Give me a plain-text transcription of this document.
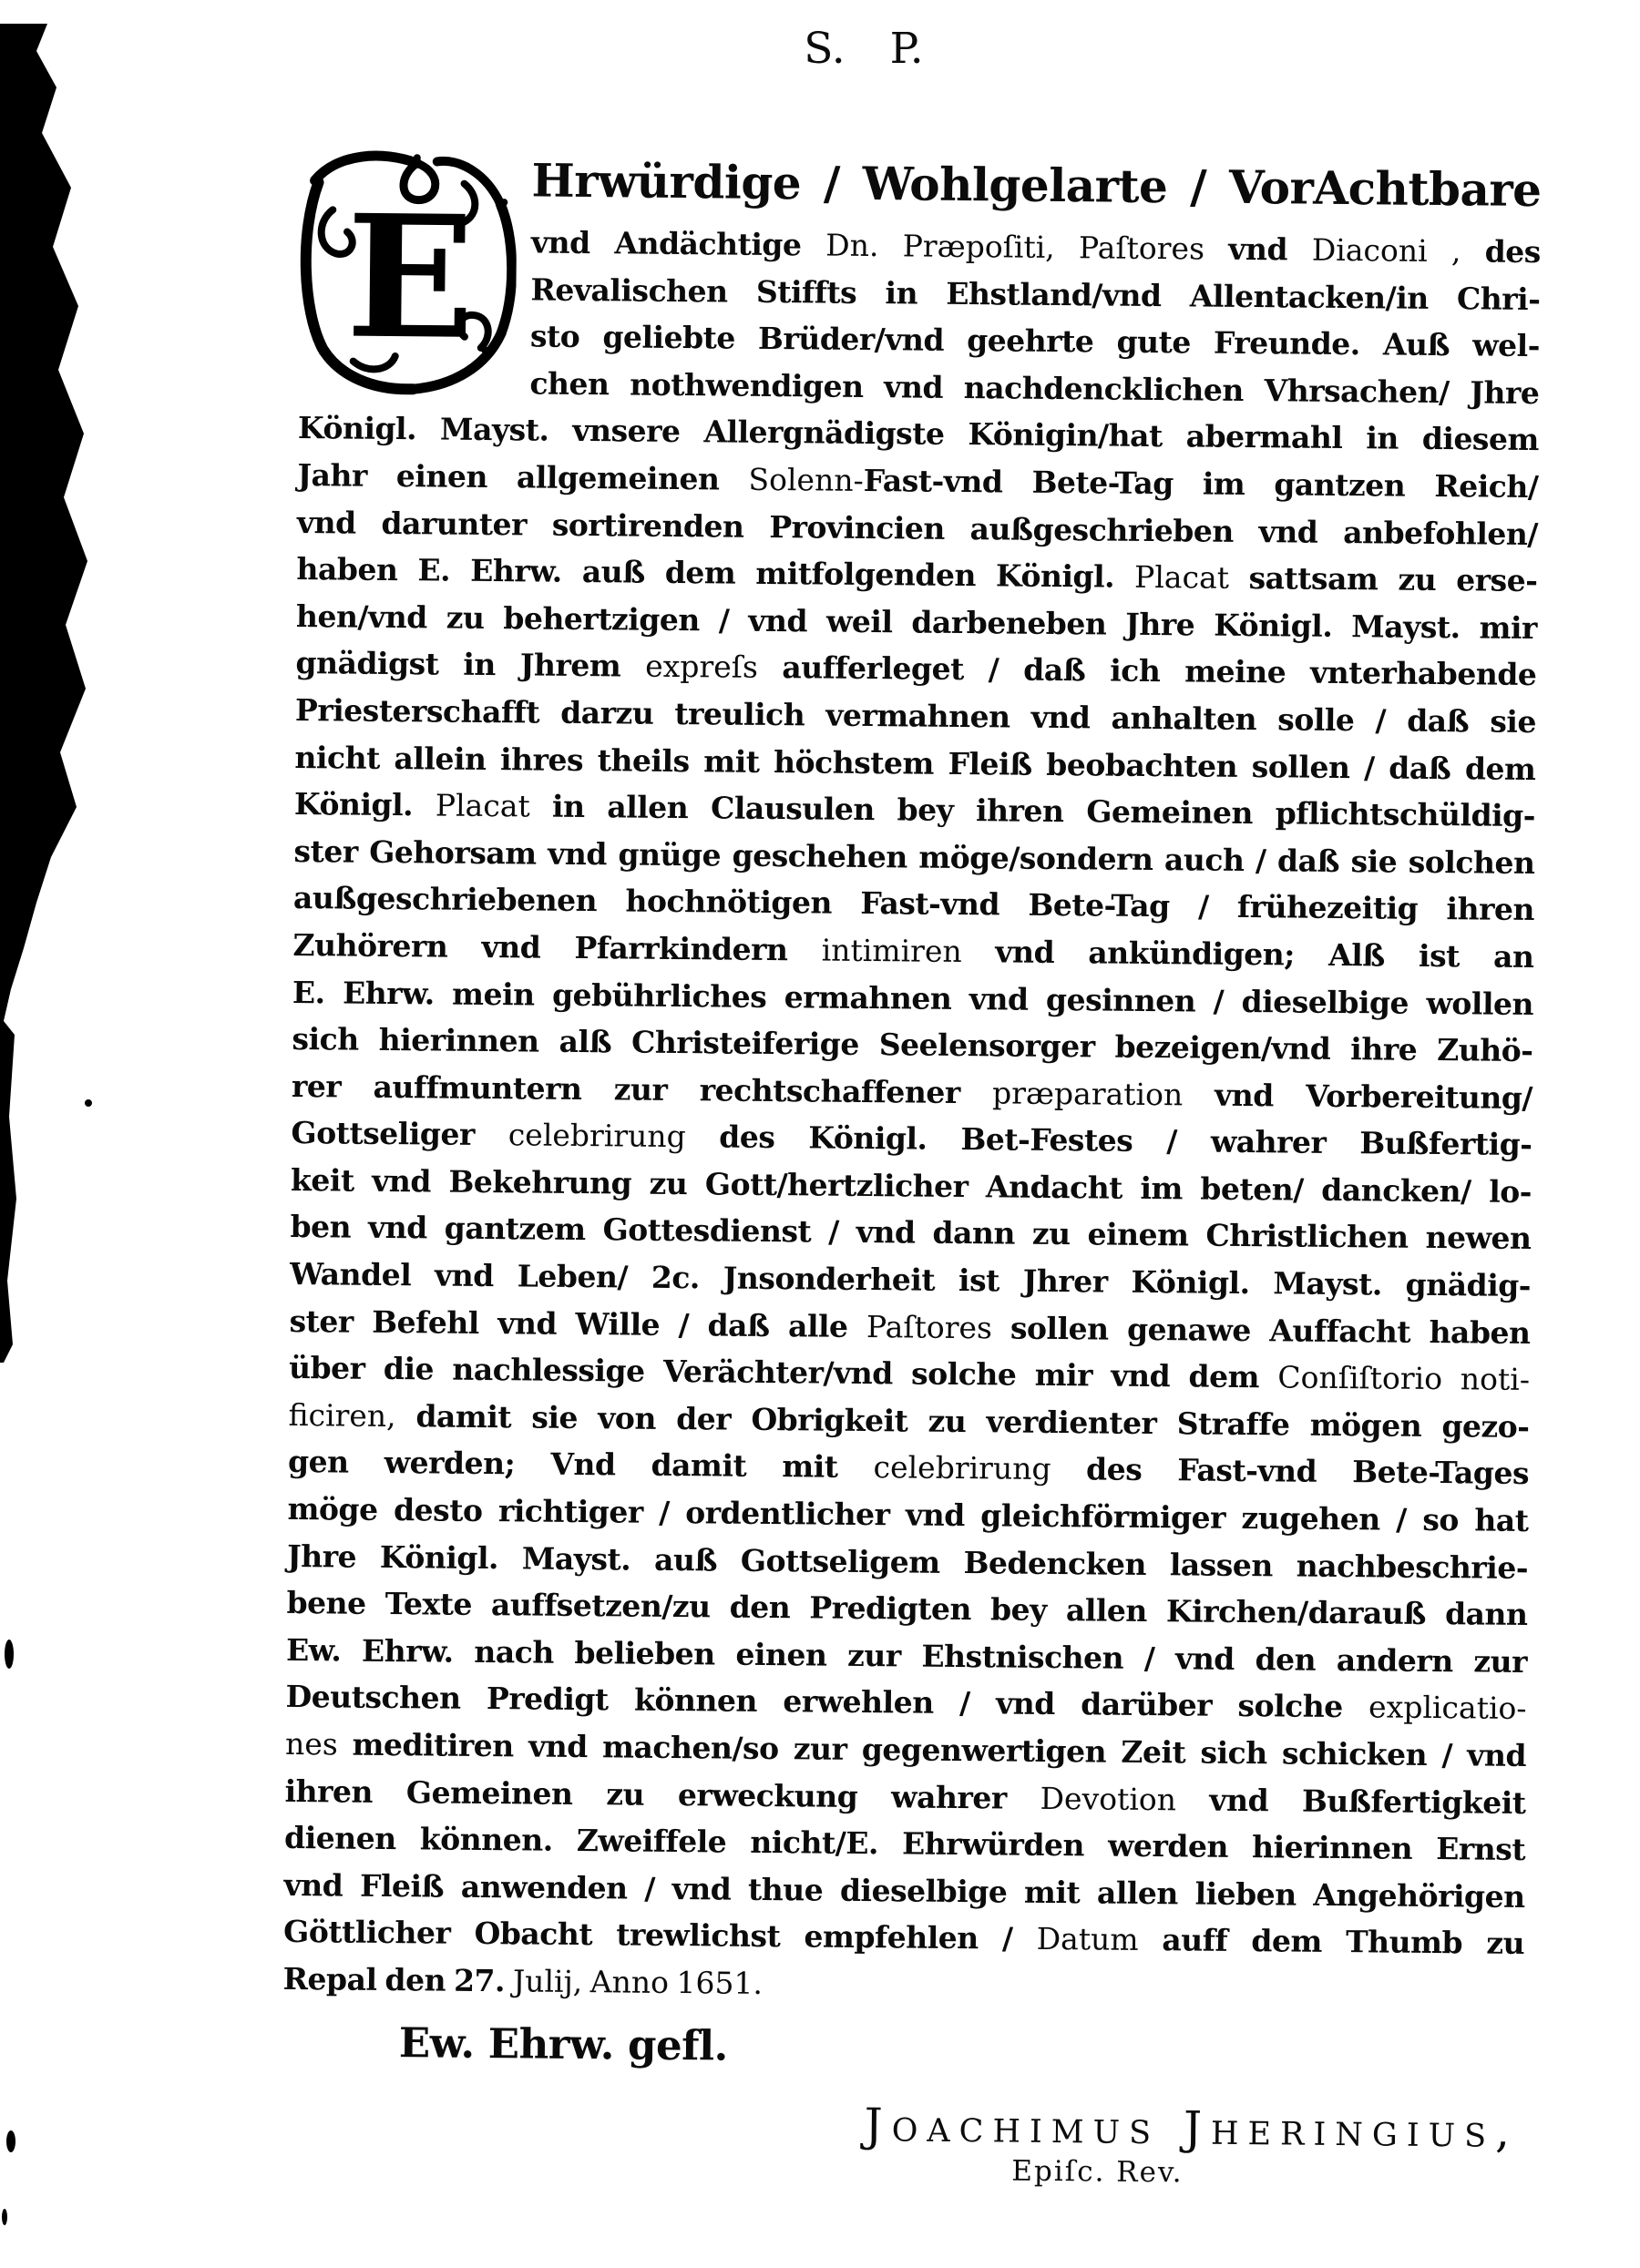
S. P.
E	Hrwürdige / Wohlgelarte / VorAchtbare
vnd Andächtige Dn. Præpoſiti, Paſtores vnd Diaconi , des
Revalischen Stiffts in Ehstland/vnd Allentacken/in Chri-
sto geliebte Brüder/vnd geehrte gute Freunde. Auß wel-
chen nothwendigen vnd nachdencklichen Vhrsachen/ Jhre
Königl. Mayst. vnsere Allergnädigste Königin/hat abermahl in diesem
Jahr einen allgemeinen Solenn-Fast-vnd Bete-Tag im gantzen Reich/
vnd darunter sortirenden Provincien außgeschrieben vnd anbefohlen/
haben E. Ehrw. auß dem mitfolgenden Königl. Placat sattsam zu erse-
hen/vnd zu behertzigen / vnd weil darbeneben Jhre Königl. Mayst. mir
gnädigst in Jhrem expreſs aufferleget / daß ich meine vnterhabende
Priesterschafft darzu treulich vermahnen vnd anhalten solle / daß sie
nicht allein ihres theils mit höchstem Fleiß beobachten sollen / daß dem
Königl. Placat in allen Clausulen bey ihren Gemeinen pflichtschüldig-
ster Gehorsam vnd gnüge geschehen möge/sondern auch / daß sie solchen
außgeschriebenen hochnötigen Fast-vnd Bete-Tag / frühezeitig ihren
Zuhörern vnd Pfarrkindern intimiren vnd ankündigen; Alß ist an
E. Ehrw. mein gebührliches ermahnen vnd gesinnen / dieselbige wollen
sich hierinnen alß Christeiferige Seelensorger bezeigen/vnd ihre Zuhö-
rer auffmuntern zur rechtschaffener præparation vnd Vorbereitung/
Gottseliger celebrirung des Königl. Bet-Festes / wahrer Bußfertig-
keit vnd Bekehrung zu Gott/hertzlicher Andacht im beten/ dancken/ lo-
ben vnd gantzem Gottesdienst / vnd dann zu einem Christlichen newen
Wandel vnd Leben/ 2c. Jnsonderheit ist Jhrer Königl. Mayst. gnädig-
ster Befehl vnd Wille / daß alle Paſtores sollen genawe Auffacht haben
über die nachlessige Verächter/vnd solche mir vnd dem Conſiſtorio noti-
ficiren, damit sie von der Obrigkeit zu verdienter Straffe mögen gezo-
gen werden; Vnd damit mit celebrirung des Fast-vnd Bete-Tages
möge desto richtiger / ordentlicher vnd gleichförmiger zugehen / so hat
Jhre Königl. Mayst. auß Gottseligem Bedencken lassen nachbeschrie-
bene Texte auffsetzen/zu den Predigten bey allen Kirchen/darauß dann
Ew. Ehrw. nach belieben einen zur Ehstnischen / vnd den andern zur
Deutschen Predigt können erwehlen / vnd darüber solche explicatio-
nes meditiren vnd machen/so zur gegenwertigen Zeit sich schicken / vnd
ihren Gemeinen zu erweckung wahrer Devotion vnd Bußfertigkeit
dienen können. Zweiffele nicht/E. Ehrwürden werden hierinnen Ernst
vnd Fleiß anwenden / vnd thue dieselbige mit allen lieben Angehörigen
Göttlicher Obacht trewlichst empfehlen / Datum auff dem Thumb zu
Repal den 27. Julij, Anno 1651.
Ew. Ehrw. gefl.
Joachimus Jheringius,
Epiſc. Rev.
